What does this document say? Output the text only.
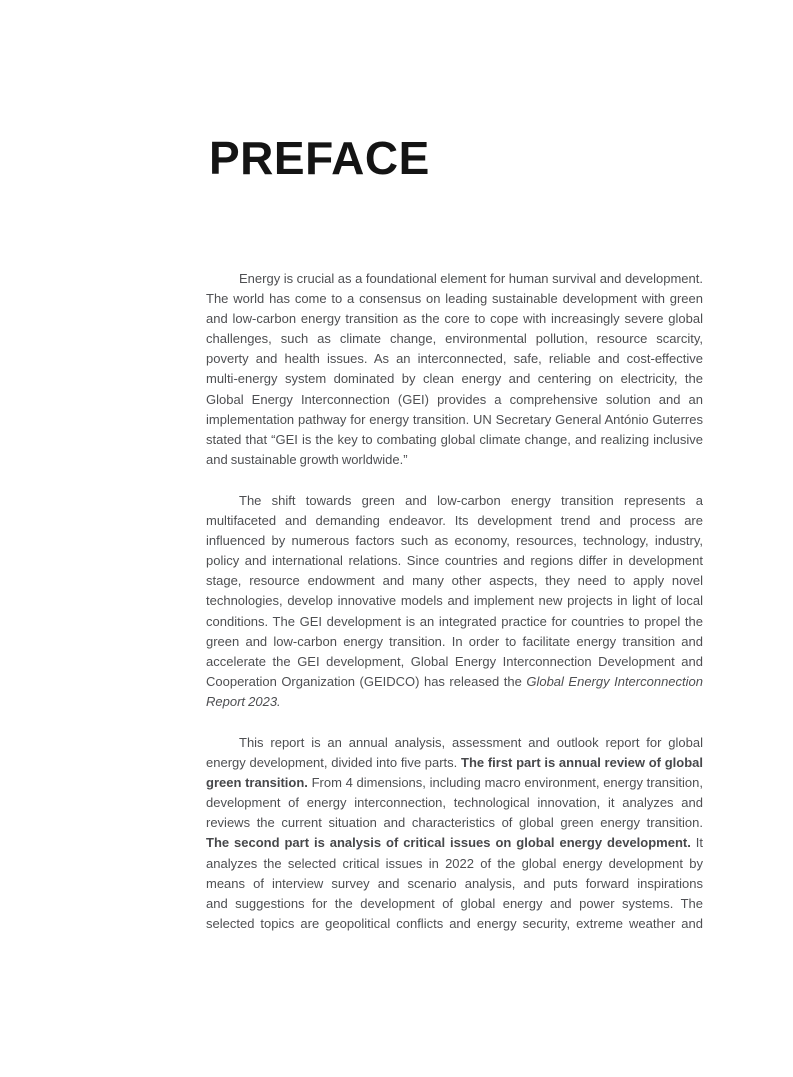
PREFACE
Energy is crucial as a foundational element for human survival and development.
The world has come to a consensus on leading sustainable development with green
and low-carbon energy transition as the core to cope with increasingly severe global
challenges, such as climate change, environmental pollution, resource scarcity,
poverty and health issues. As an interconnected, safe, reliable and cost-effective
multi-energy system dominated by clean energy and centering on electricity, the
Global Energy Interconnection (GEI) provides a comprehensive solution and an
implementation pathway for energy transition. UN Secretary General António Guterres
stated that “GEI is the key to combating global climate change, and realizing inclusive
and sustainable growth worldwide.”
The shift towards green and low-carbon energy transition represents a
multifaceted and demanding endeavor. Its development trend and process are
influenced by numerous factors such as economy, resources, technology, industry,
policy and international relations. Since countries and regions differ in development
stage, resource endowment and many other aspects, they need to apply novel
technologies, develop innovative models and implement new projects in light of local
conditions. The GEI development is an integrated practice for countries to propel the
green and low-carbon energy transition. In order to facilitate energy transition and
accelerate the GEI development, Global Energy Interconnection Development and
Cooperation Organization (GEIDCO) has released the Global Energy Interconnection
Report 2023.
This report is an annual analysis, assessment and outlook report for global
energy development, divided into five parts. The first part is annual review of global
green transition. From 4 dimensions, including macro environment, energy transition,
development of energy interconnection, technological innovation, it analyzes and
reviews the current situation and characteristics of global green energy transition.
The second part is analysis of critical issues on global energy development. It
analyzes the selected critical issues in 2022 of the global energy development by
means of interview survey and scenario analysis, and puts forward inspirations
and suggestions for the development of global energy and power systems. The
selected topics are geopolitical conflicts and energy security, extreme weather and
